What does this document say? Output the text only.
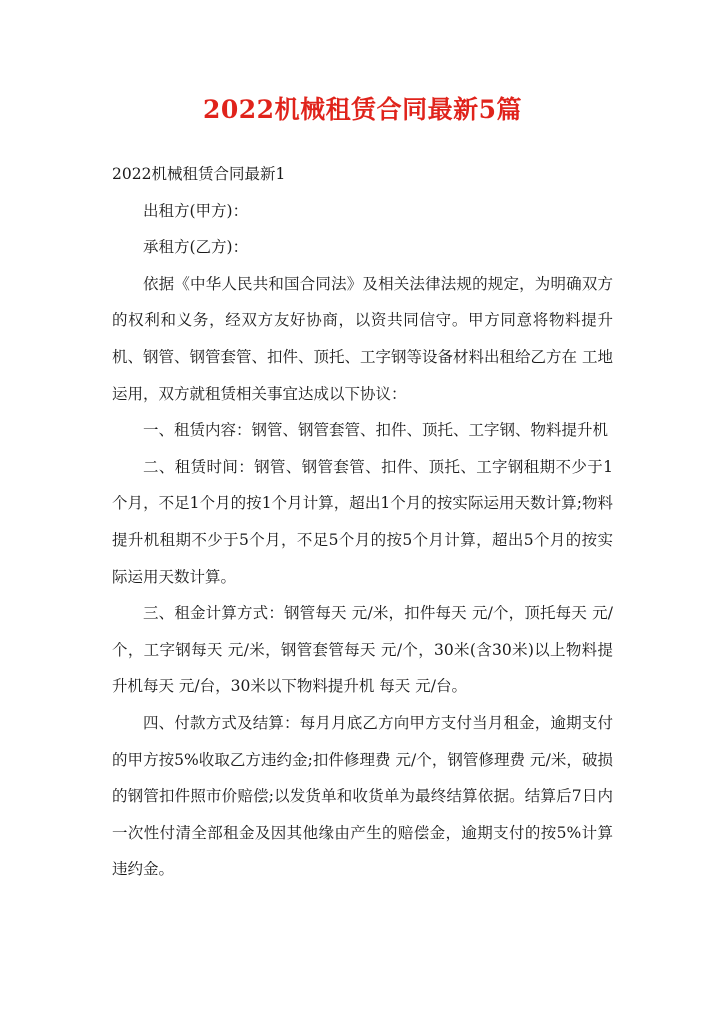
2022机械租赁合同最新5篇

2022机械租赁合同最新1

出租方(甲方)：

承租方(乙方)：

依据《中华人民共和国合同法》及相关法律法规的规定，为明确双方的权利和义务，经双方友好协商，以资共同信守。甲方同意将物料提升机、钢管、钢管套管、扣件、顶托、工字钢等设备材料出租给乙方在 工地运用，双方就租赁相关事宜达成以下协议：

一、租赁内容：钢管、钢管套管、扣件、顶托、工字钢、物料提升机

二、租赁时间：钢管、钢管套管、扣件、顶托、工字钢租期不少于1个月，不足1个月的按1个月计算，超出1个月的按实际运用天数计算;物料提升机租期不少于5个月，不足5个月的按5个月计算，超出5个月的按实际运用天数计算。

三、租金计算方式：钢管每天 元/米，扣件每天 元/个，顶托每天 元/个，工字钢每天 元/米，钢管套管每天 元/个，30米(含30米)以上物料提升机每天 元/台，30米以下物料提升机 每天 元/台。

四、付款方式及结算：每月月底乙方向甲方支付当月租金，逾期支付的甲方按5%收取乙方违约金;扣件修理费 元/个，钢管修理费 元/米，破损的钢管扣件照市价赔偿;以发货单和收货单为最终结算依据。结算后7日内一次性付清全部租金及因其他缘由产生的赔偿金，逾期支付的按5%计算违约金。
